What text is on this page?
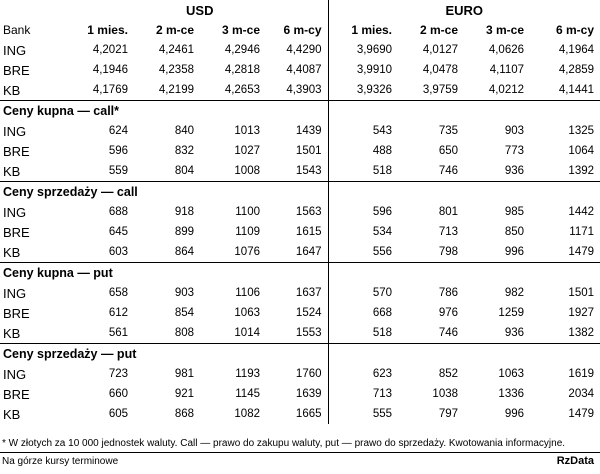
	USD				EURO			
Bank	1 mies.	2 m-ce	3 m-ce	6 m-cy	1 mies.	2 m-ce	3 m-ce	6 m-cy
ING	4,2021	4,2461	4,2946	4,4290	3,9690	4,0127	4,0626	4,1964
BRE	4,1946	4,2358	4,2818	4,4087	3,9910	4,0478	4,1107	4,2859
KB	4,1769	4,2199	4,2653	4,3903	3,9326	3,9759	4,0212	4,1441
Ceny kupna — call*								
ING	624	840	1013	1439	543	735	903	1325
BRE	596	832	1027	1501	488	650	773	1064
KB	559	804	1008	1543	518	746	936	1392
Ceny sprzedaży — call								
ING	688	918	1100	1563	596	801	985	1442
BRE	645	899	1109	1615	534	713	850	1171
KB	603	864	1076	1647	556	798	996	1479
Ceny kupna — put								
ING	658	903	1106	1637	570	786	982	1501
BRE	612	854	1063	1524	668	976	1259	1927
KB	561	808	1014	1553	518	746	936	1382
Ceny sprzedaży — put								
ING	723	981	1193	1760	623	852	1063	1619
BRE	660	921	1145	1639	713	1038	1336	2034
KB	605	868	1082	1665	555	797	996	1479
* W złotych za 10 000 jednostek waluty. Call — prawo do zakupu waluty, put — prawo do sprzedaży. Kwotowania informacyjne.
Na górze kursy terminowe	RzData
